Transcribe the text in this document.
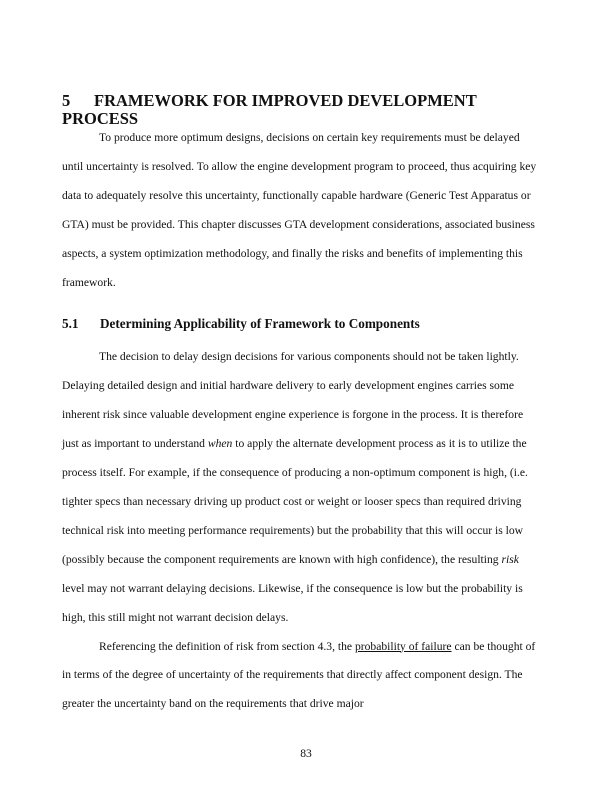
5 FRAMEWORK FOR IMPROVED DEVELOPMENT PROCESS

To produce more optimum designs, decisions on certain key requirements must be delayed until uncertainty is resolved. To allow the engine development program to proceed, thus acquiring key data to adequately resolve this uncertainty, functionally capable hardware (Generic Test Apparatus or GTA) must be provided. This chapter discusses GTA development considerations, associated business aspects, a system optimization methodology, and finally the risks and benefits of implementing this framework.

5.1 Determining Applicability of Framework to Components

The decision to delay design decisions for various components should not be taken lightly. Delaying detailed design and initial hardware delivery to early development engines carries some inherent risk since valuable development engine experience is forgone in the process. It is therefore just as important to understand when to apply the alternate development process as it is to utilize the process itself. For example, if the consequence of producing a non-optimum component is high, (i.e. tighter specs than necessary driving up product cost or weight or looser specs than required driving technical risk into meeting performance requirements) but the probability that this will occur is low (possibly because the component requirements are known with high confidence), the resulting risk level may not warrant delaying decisions. Likewise, if the consequence is low but the probability is high, this still might not warrant decision delays.

Referencing the definition of risk from section 4.3, the probability of failure can be thought of in terms of the degree of uncertainty of the requirements that directly affect component design. The greater the uncertainty band on the requirements that drive major

83
